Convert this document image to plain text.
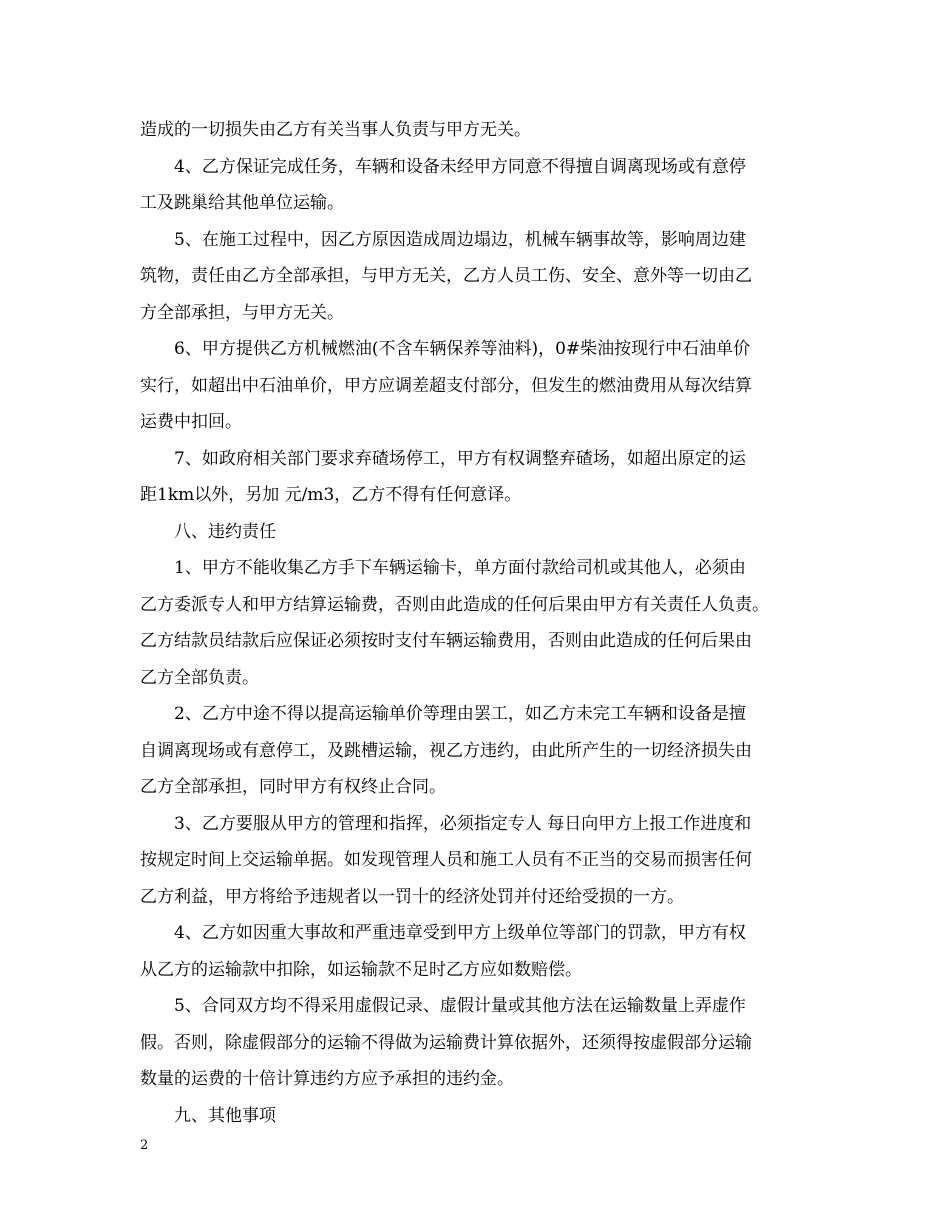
造成的一切损失由乙方有关当事人负责与甲方无关。
4、乙方保证完成任务，车辆和设备未经甲方同意不得擅自调离现场或有意停
工及跳巢给其他单位运输。
5、在施工过程中，因乙方原因造成周边塌边，机械车辆事故等，影响周边建
筑物，责任由乙方全部承担，与甲方无关，乙方人员工伤、安全、意外等一切由乙
方全部承担，与甲方无关。
6、甲方提供乙方机械燃油(不含车辆保养等油料)，0#柴油按现行中石油单价
实行，如超出中石油单价，甲方应调差超支付部分，但发生的燃油费用从每次结算
运费中扣回。
7、如政府相关部门要求弃碴场停工，甲方有权调整弃碴场，如超出原定的运
距1km以外，另加 元/m3，乙方不得有任何意译。
八、违约责任
1、甲方不能收集乙方手下车辆运输卡，单方面付款给司机或其他人，必须由
乙方委派专人和甲方结算运输费，否则由此造成的任何后果由甲方有关责任人负责。
乙方结款员结款后应保证必须按时支付车辆运输费用，否则由此造成的任何后果由
乙方全部负责。
2、乙方中途不得以提高运输单价等理由罢工，如乙方未完工车辆和设备是擅
自调离现场或有意停工，及跳槽运输，视乙方违约，由此所产生的一切经济损失由
乙方全部承担，同时甲方有权终止合同。
3、乙方要服从甲方的管理和指挥，必须指定专人 每日向甲方上报工作进度和
按规定时间上交运输单据。如发现管理人员和施工人员有不正当的交易而损害任何
乙方利益，甲方将给予违规者以一罚十的经济处罚并付还给受损的一方。
4、乙方如因重大事故和严重违章受到甲方上级单位等部门的罚款，甲方有权
从乙方的运输款中扣除，如运输款不足时乙方应如数赔偿。
5、合同双方均不得采用虚假记录、虚假计量或其他方法在运输数量上弄虚作
假。否则，除虚假部分的运输不得做为运输费计算依据外，还须得按虚假部分运输
数量的运费的十倍计算违约方应予承担的违约金。
九、其他事项
2
